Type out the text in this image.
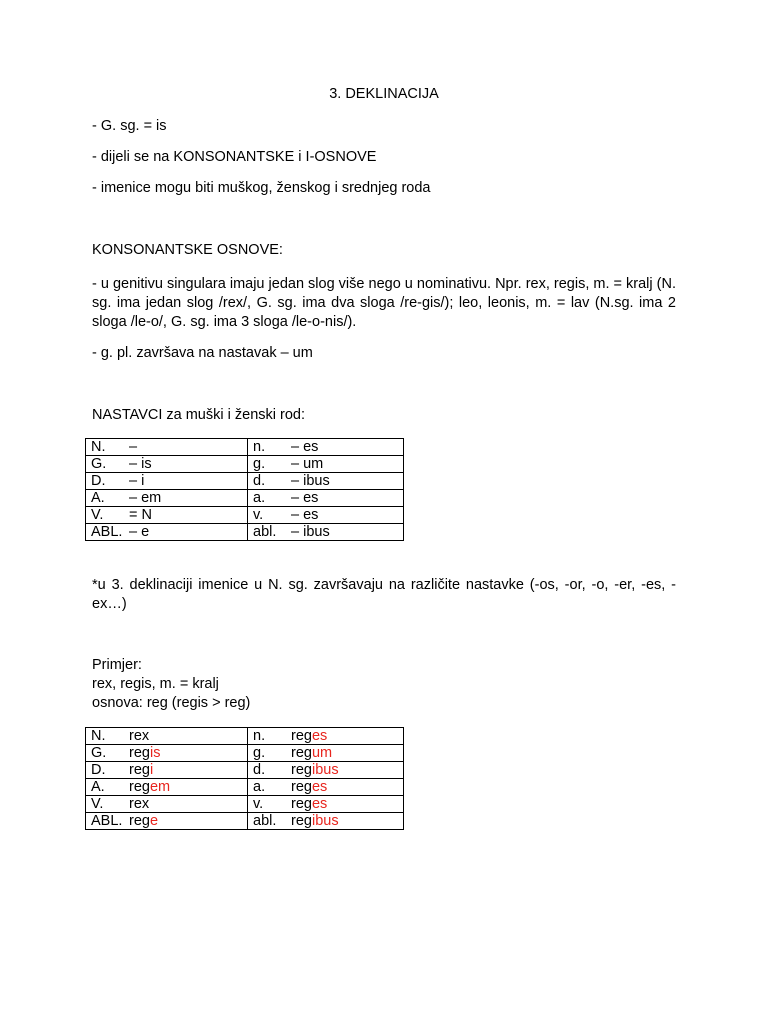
3. DEKLINACIJA
- G. sg. = is
- dijeli se na KONSONANTSKE i I-OSNOVE
- imenice mogu biti muškog, ženskog i srednjeg roda
KONSONANTSKE OSNOVE:
- u genitivu singulara imaju jedan slog više nego u nominativu. Npr. rex, regis, m. = kralj (N. sg. ima jedan slog /rex/, G. sg. ima dva sloga /re-gis/); leo, leonis, m. = lav (N.sg. ima 2 sloga /le-o/, G. sg. ima 3 sloga /le-o-nis/).
- g. pl. završava na nastavak – um
NASTAVCI za muški i ženski rod:
N. –	n. – es
G. – is	g. – um
D. – i	d. – ibus
A. – em	a. – es
V. = N	v. – es
ABL. – e	abl. – ibus
*u 3. deklinaciji imenice u N. sg. završavaju na različite nastavke (-os, -or, -o, -er, -es, -ex…)
Primjer:
rex, regis, m. = kralj
osnova: reg (regis > reg)
N. rex	n. reges
G. regis	g. regum
D. regi	d. regibus
A. regem	a. reges
V. rex	v. reges
ABL. rege	abl. regibus
